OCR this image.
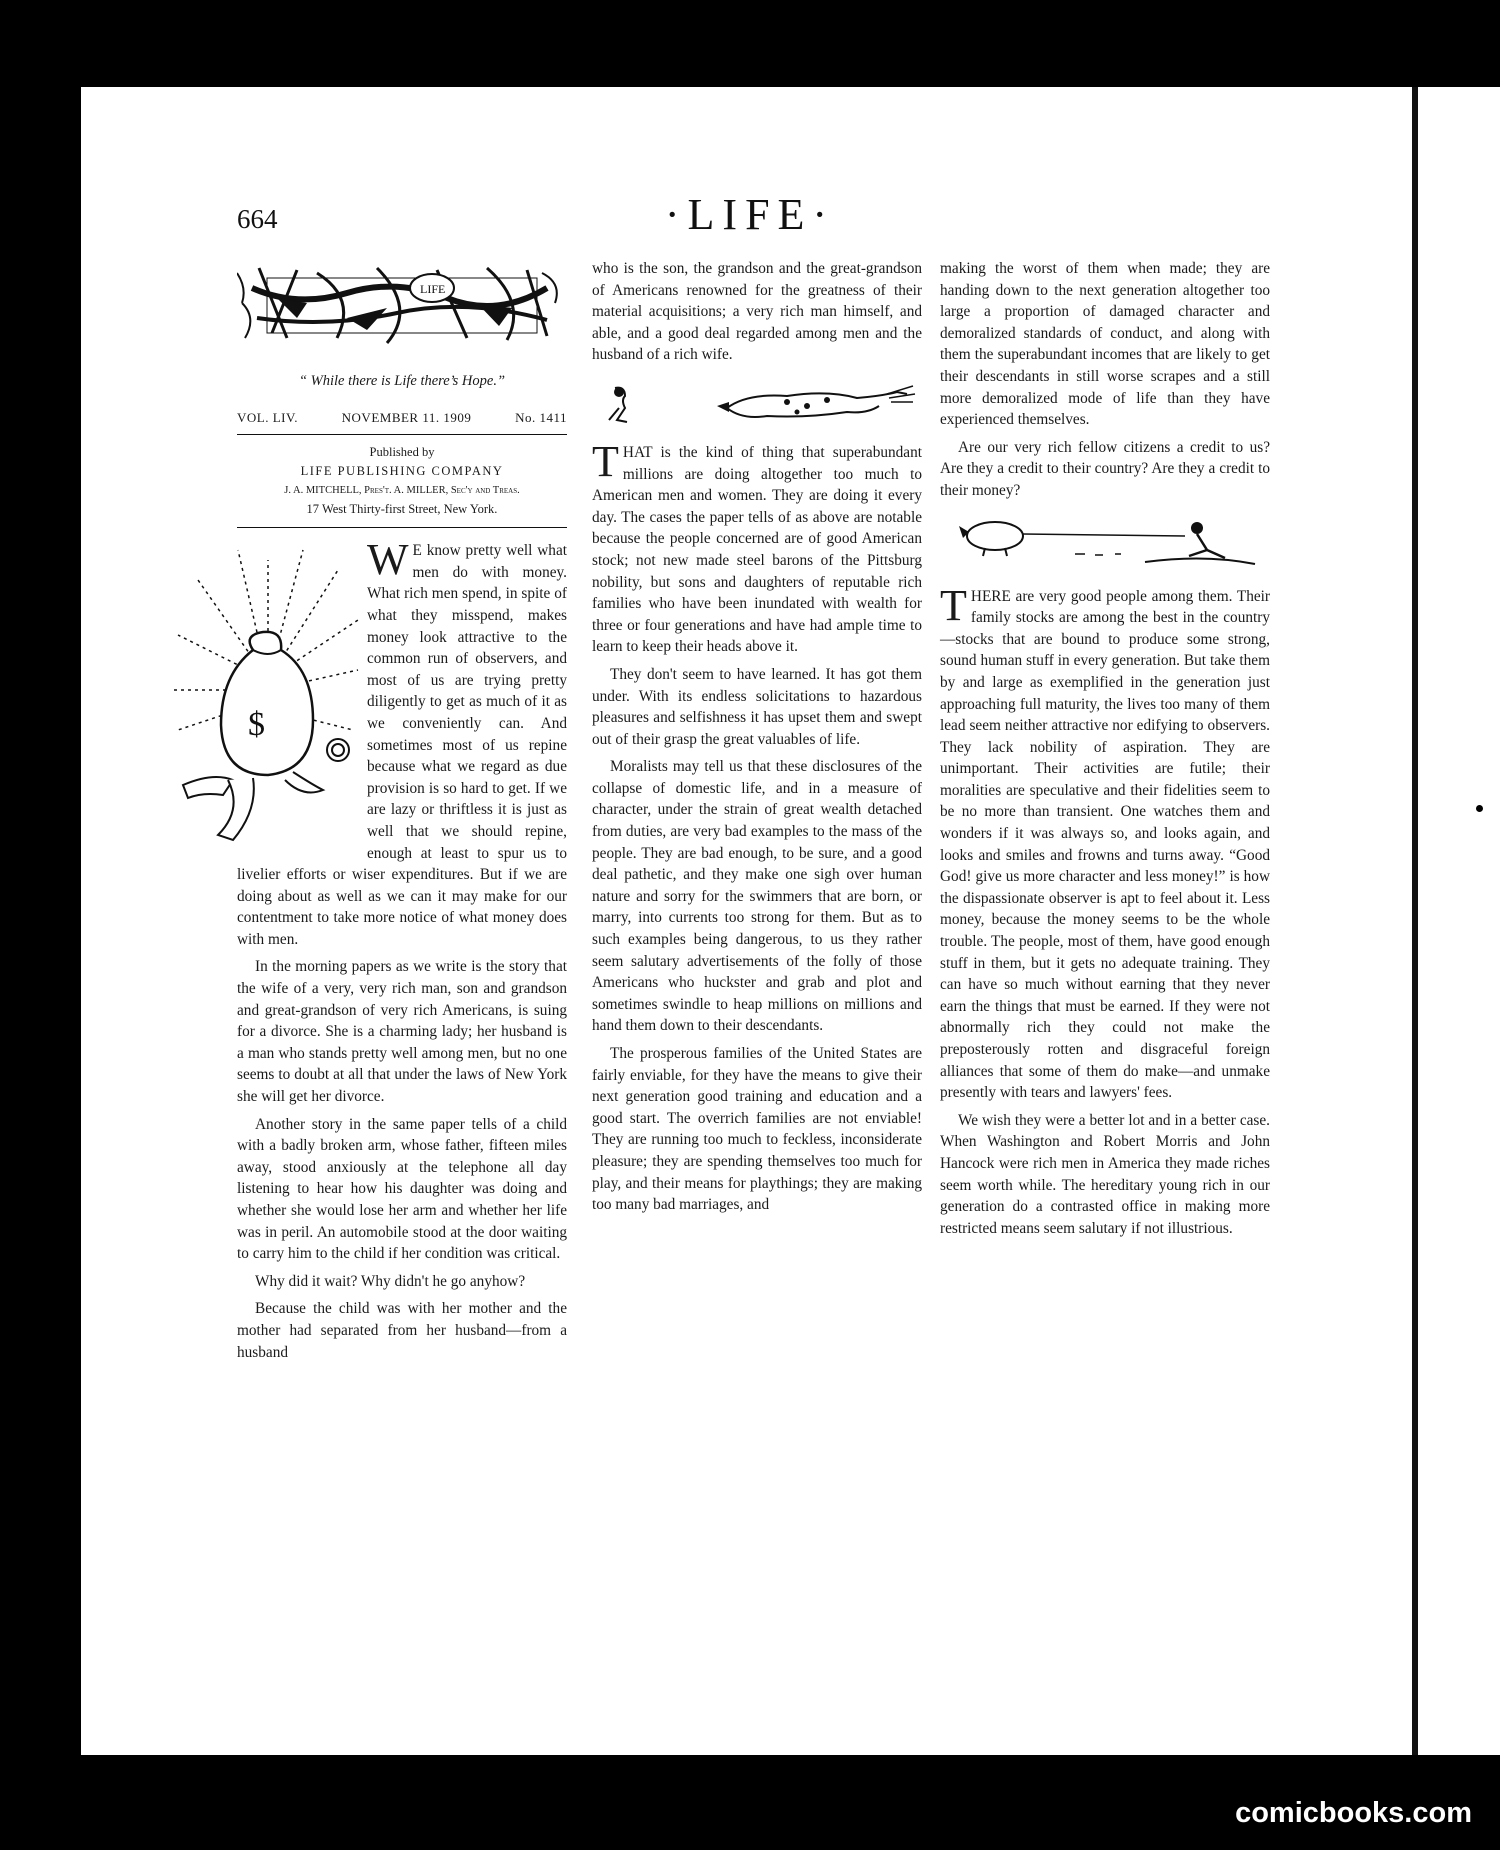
664	·LIFE·
LIFE
“ While there is Life there’s Hope.”
VOL. LIV.	NOVEMBER 11. 1909	No. 1411
Published by
LIFE PUBLISHING COMPANY
J. A. MITCHELL, Pres't. A. MILLER, Sec'y and Treas.
17 West Thirty-first Street, New York.
$

W E know pretty well what men do with money. What rich men spend, in spite of what they misspend, makes money look attractive to the common run of observers, and most of us are trying pretty diligently to get as much of it as we conveniently can. And sometimes most of us repine because what we regard as due provision is so hard to get. If we are lazy or thriftless it is just as well that we should repine, enough at least to spur us to livelier efforts or wiser expenditures. But if we are doing about as well as we can it may make for our contentment to take more notice of what money does with men.

In the morning papers as we write is the story that the wife of a very, very rich man, son and grandson and great-grandson of very rich Americans, is suing for a divorce. She is a charming lady; her husband is a man who stands pretty well among men, but no one seems to doubt at all that under the laws of New York she will get her divorce.

Another story in the same paper tells of a child with a badly broken arm, whose father, fifteen miles away, stood anxiously at the telephone all day listening to hear how his daughter was doing and whether she would lose her arm and whether her life was in peril. An automobile stood at the door waiting to carry him to the child if her condition was critical.

Why did it wait? Why didn't he go anyhow?

Because the child was with her mother and the mother had separated from her husband—from a husband

who is the son, the grandson and the great-grandson of Americans renowned for the greatness of their material acquisitions; a very rich man himself, and able, and a good deal regarded among men and the husband of a rich wife.

THAT is the kind of thing that superabundant millions are doing altogether too much to American men and women. They are doing it every day. The cases the paper tells of as above are notable because the people concerned are of good American stock; not new made steel barons of the Pittsburg nobility, but sons and daughters of reputable rich families who have been inundated with wealth for three or four generations and have had ample time to learn to keep their heads above it.

They don't seem to have learned. It has got them under. With its endless solicitations to hazardous pleasures and selfishness it has upset them and swept out of their grasp the great valuables of life.

Moralists may tell us that these disclosures of the collapse of domestic life, and in a measure of character, under the strain of great wealth detached from duties, are very bad examples to the mass of the people. They are bad enough, to be sure, and a good deal pathetic, and they make one sigh over human nature and sorry for the swimmers that are born, or marry, into currents too strong for them. But as to such examples being dangerous, to us they rather seem salutary advertisements of the folly of those Americans who huckster and grab and plot and sometimes swindle to heap millions on millions and hand them down to their descendants.

The prosperous families of the United States are fairly enviable, for they have the means to give their next generation good training and education and a good start. The overrich families are not enviable! They are running too much to feckless, inconsiderate pleasure; they are spending themselves too much for play, and their means for playthings; they are making too many bad marriages, and

making the worst of them when made; they are handing down to the next generation altogether too large a proportion of damaged character and demoralized standards of conduct, and along with them the superabundant incomes that are likely to get their descendants in still worse scrapes and a still more demoralized mode of life than they have experienced themselves.

Are our very rich fellow citizens a credit to us? Are they a credit to their country? Are they a credit to their money?

THERE are very good people among them. Their family stocks are among the best in the country—stocks that are bound to produce some strong, sound human stuff in every generation. But take them by and large as exemplified in the generation just approaching full maturity, the lives too many of them lead seem neither attractive nor edifying to observers. They lack nobility of aspiration. They are unimportant. Their activities are futile; their moralities are speculative and their fidelities seem to be no more than transient. One watches them and wonders if it was always so, and looks again, and looks and smiles and frowns and turns away. “Good God! give us more character and less money!” is how the dispassionate observer is apt to feel about it. Less money, because the money seems to be the whole trouble. The people, most of them, have good enough stuff in them, but it gets no adequate training. They can have so much without earning that they never earn the things that must be earned. If they were not abnormally rich they could not make the preposterously rotten and disgraceful foreign alliances that some of them do make—and unmake presently with tears and lawyers' fees.

We wish they were a better lot and in a better case. When Washington and Robert Morris and John Hancock were rich men in America they made riches seem worth while. The hereditary young rich in our generation do a contrasted office in making more restricted means seem salutary if not illustrious.

comicbooks.com
